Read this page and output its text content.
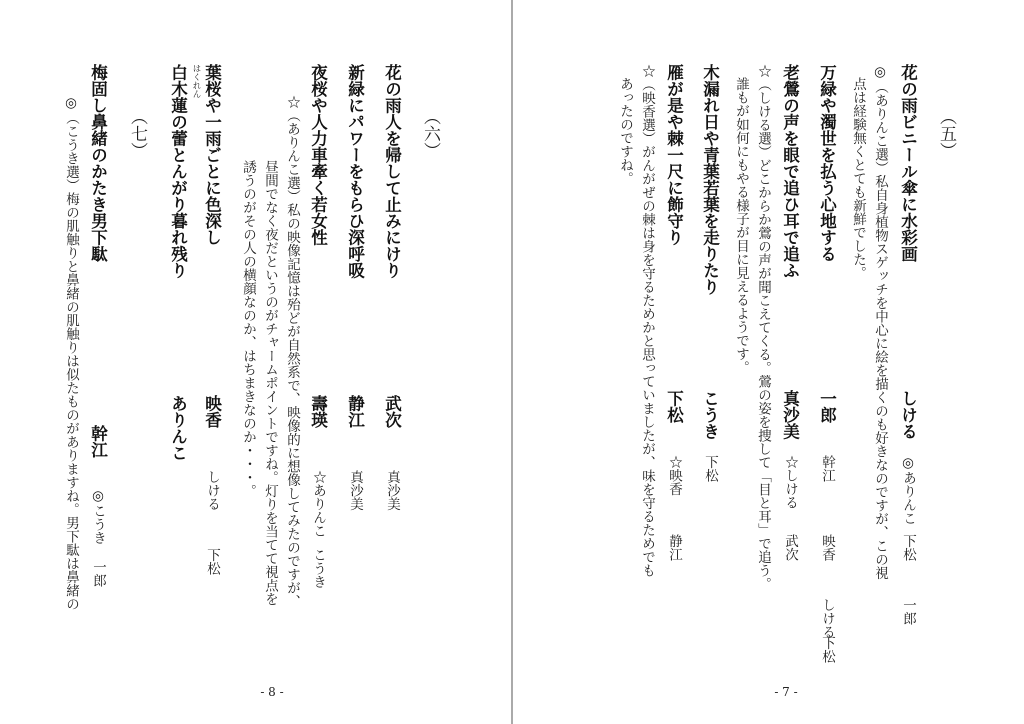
（五）
花の雨ビニール傘に水彩画
しける
◎ありんこ
下松
一郎
◎（ありんこ選）私自身植物スゲッチを中心に絵を描くのも好きなのですが、この視
点は経験無くとても新鮮でした。
万緑や濁世を払う心地する
一郎
幹江
映香
しける
下松
老鶯の声を眼で追ひ耳で追ふ
真沙美
☆しける
武次
☆（しける選）どこからか鶯の声が聞こえてくる。鶯の姿を捜して「目と耳」で追う。
誰もが如何にもやる様子が目に見えるようです。
木漏れ日や青葉若葉を走りたり
こうき
下松
雁が是や棘一尺に飾守り
下松
☆映香
静江
☆（映香選）がんがぜの棘は身を守るためかと思っていましたが、味を守るためでも
あったのですね。
- 7 -
（六）
花の雨人を帰して止みにけり
武次
真沙美
新緑にパワーをもらひ深呼吸
静江
真沙美
夜桜や人力車牽く若女性
壽瑛
☆ありんこ
こうき
葉桜や一雨ごとに色深し
映香
しける
下松
白木蓮の蕾とんがり暮れ残り
ありんこ	☆（ありんこ選）私の映像記憶は殆どが自然系で、映像的に想像してみたのですが、
昼間でなく夜だというのがチャームポイントですね。灯りを当てて視点を
誘うのがその人の横顔なのか、はちまきなのか・・・。
はくれん
（七）
梅固し鼻緒のかたき男下駄
幹江
◎こうき
一郎
◎（こうき選）梅の肌触りと鼻緒の肌触りは似たものがありますね。男下駄は鼻緒の
- 8 -
